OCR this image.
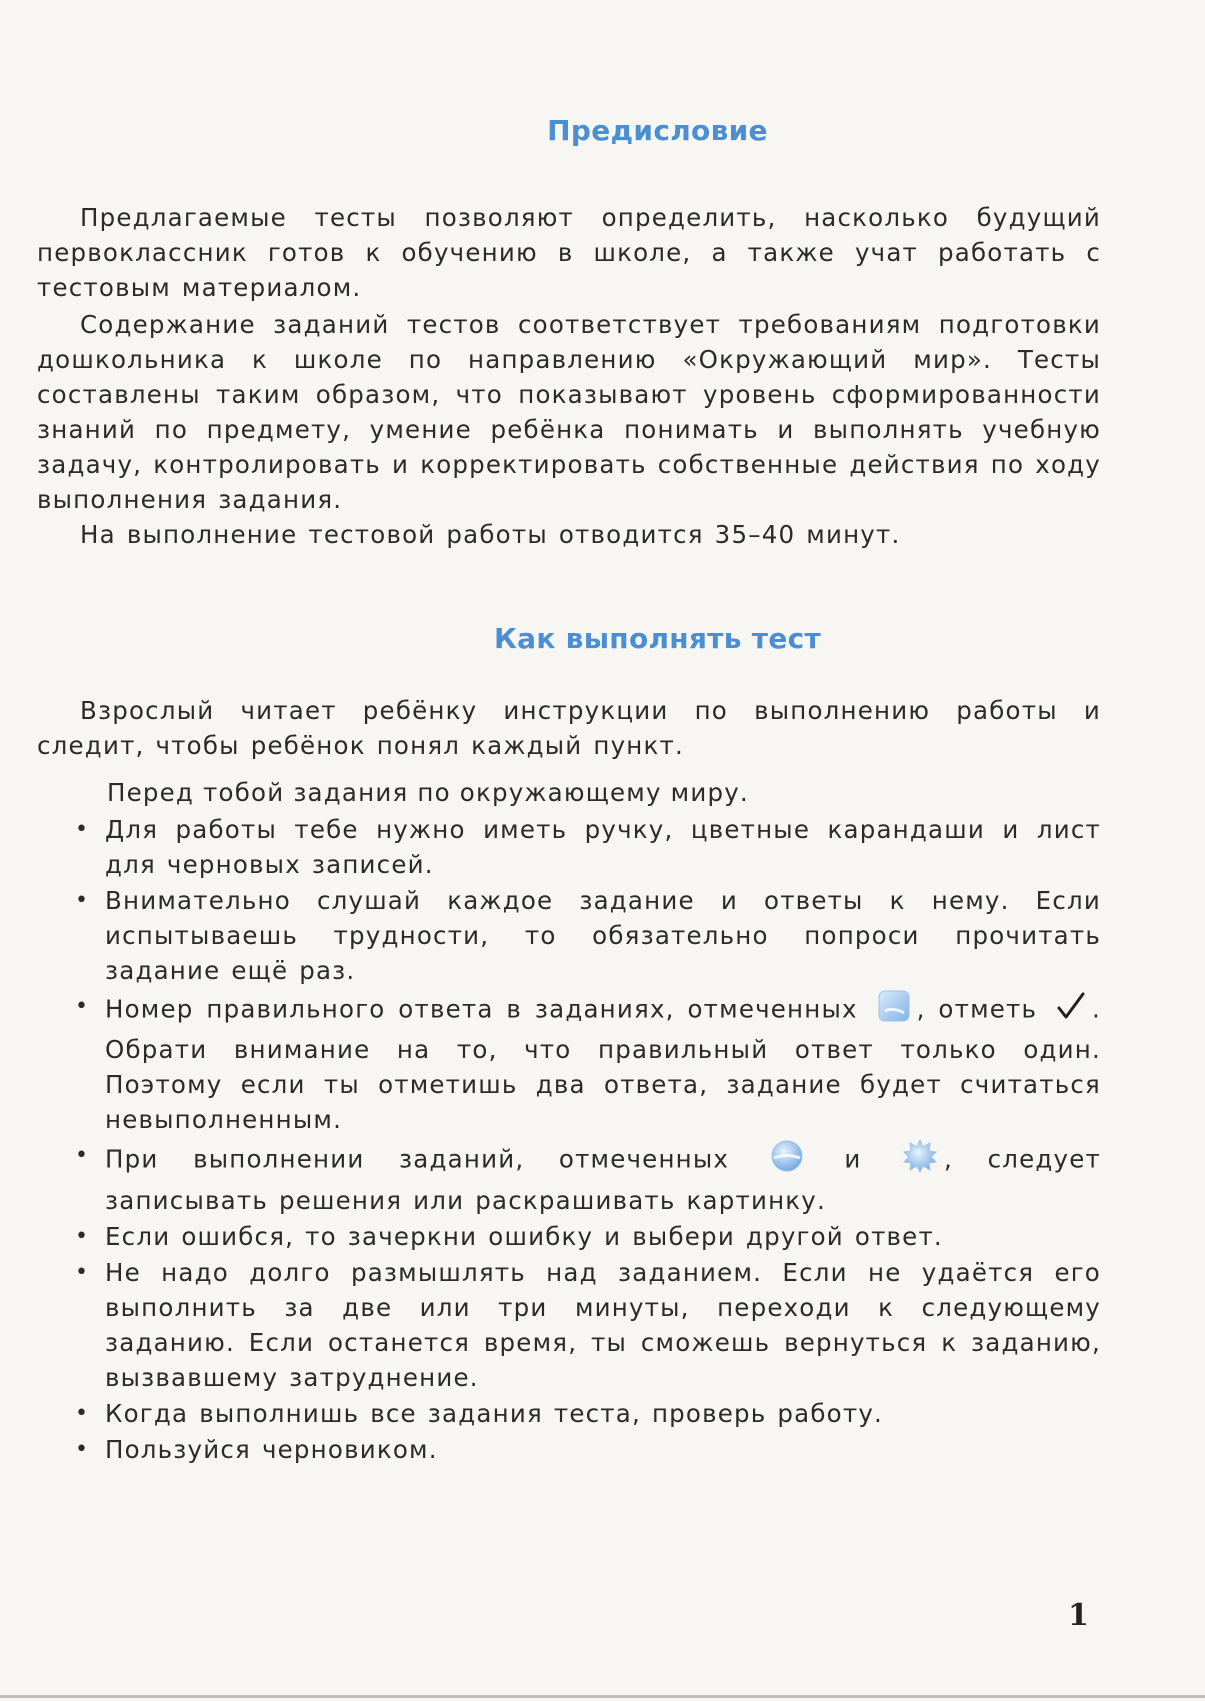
Предисловие
Предлагаемые тесты позволяют определить, насколько будущий первоклассник готов к обучению в школе, а также учат работать с тестовым материалом.
Содержание заданий тестов соответствует требованиям подготовки дошкольника к школе по направлению «Окружающий мир». Тесты составлены таким образом, что показывают уровень сформированности знаний по предмету, умение ребёнка понимать и выполнять учебную задачу, контролировать и корректировать собственные действия по ходу выполнения задания.
На выполнение тестовой работы отводится 35–40 минут.
Как выполнять тест
Взрослый читает ребёнку инструкции по выполнению работы и следит, чтобы ребёнок понял каждый пункт.
Перед тобой задания по окружающему миру.
• Для работы тебе нужно иметь ручку, цветные карандаши и лист для черновых записей.
• Внимательно слушай каждое задание и ответы к нему. Если испытываешь трудности, то обязательно попроси прочитать задание ещё раз.
• Номер правильного ответа в заданиях, отмеченных , отметь . Обрати внимание на то, что правильный ответ только один. Поэтому если ты отметишь два ответа, задание будет считаться невыполненным.
• При выполнении заданий, отмеченных	и	, следует записывать решения или раскрашивать картинку.
• Если ошибся, то зачеркни ошибку и выбери другой ответ.
• Не надо долго размышлять над заданием. Если не удаётся его выполнить за две или три минуты, переходи к следующему заданию. Если останется время, ты сможешь вернуться к заданию, вызвавшему затруднение.
• Когда выполнишь все задания теста, проверь работу.
• Пользуйся черновиком.
1
